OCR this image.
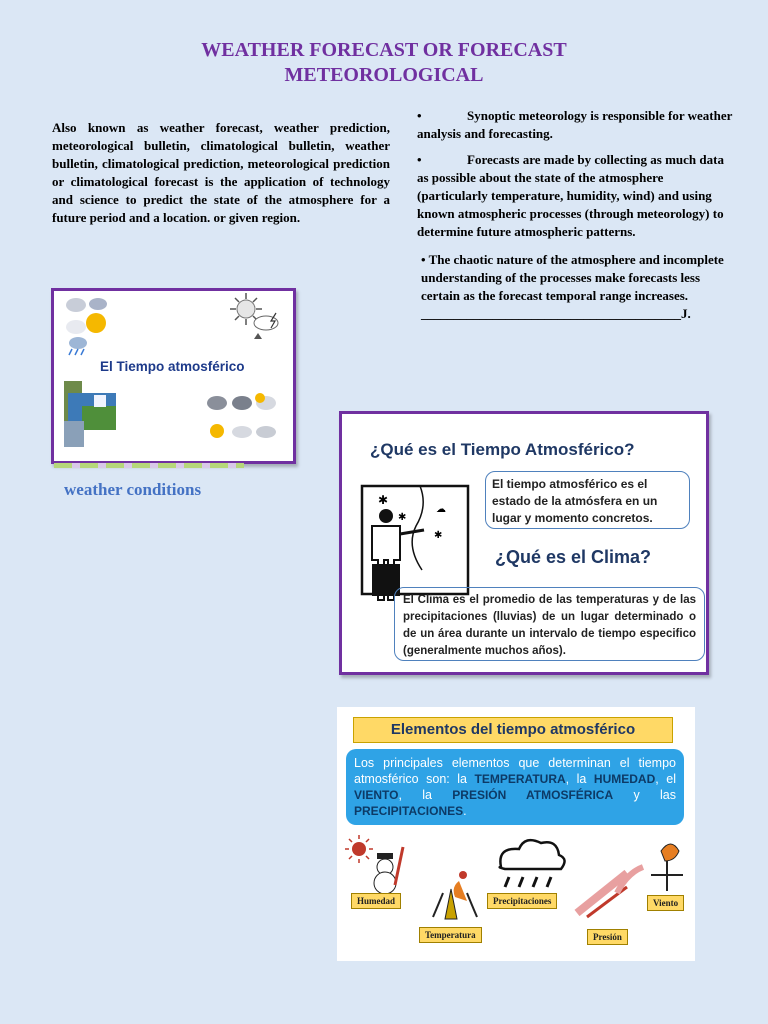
WEATHER FORECAST OR FORECAST
METEOROLOGICAL
Also known as weather forecast, weather prediction, meteorological bulletin, climatological bulletin, weather bulletin, climatological prediction, meteorological prediction or climatological forecast is the application of technology and science to predict the state of the atmosphere for a future period and a location. or given region.

•	Synoptic meteorology is responsible for weather analysis and forecasting.

•	Forecasts are made by collecting as much data as possible about the state of the atmosphere (particularly temperature, humidity, wind) and using known atmospheric processes (through meteorology) to determine future atmospheric patterns.

• The chaotic nature of the atmosphere and incomplete understanding of the processes make forecasts less certain as the forecast temporal range increases.
________________________________________J.

El Tiempo atmosférico
weather conditions
¿Qué es el Tiempo Atmosférico?
✱
✱
☁
✱
El tiempo atmosférico es el estado de la atmósfera en un lugar y momento concretos.
¿Qué es el Clima?
El Clima es el promedio de las temperaturas y de las precipitaciones (lluvias) de un lugar determinado o de un área durante un intervalo de tiempo especifico (generalmente muchos años).
Elementos del tiempo atmosférico
Los principales elementos que determinan el tiempo atmosférico son: la TEMPERATURA, la HUMEDAD, el VIENTO, la PRESIÓN ATMOSFÉRICA y las PRECIPITACIONES.
Humedad
Temperatura
Precipitaciones
Presión
Viento
